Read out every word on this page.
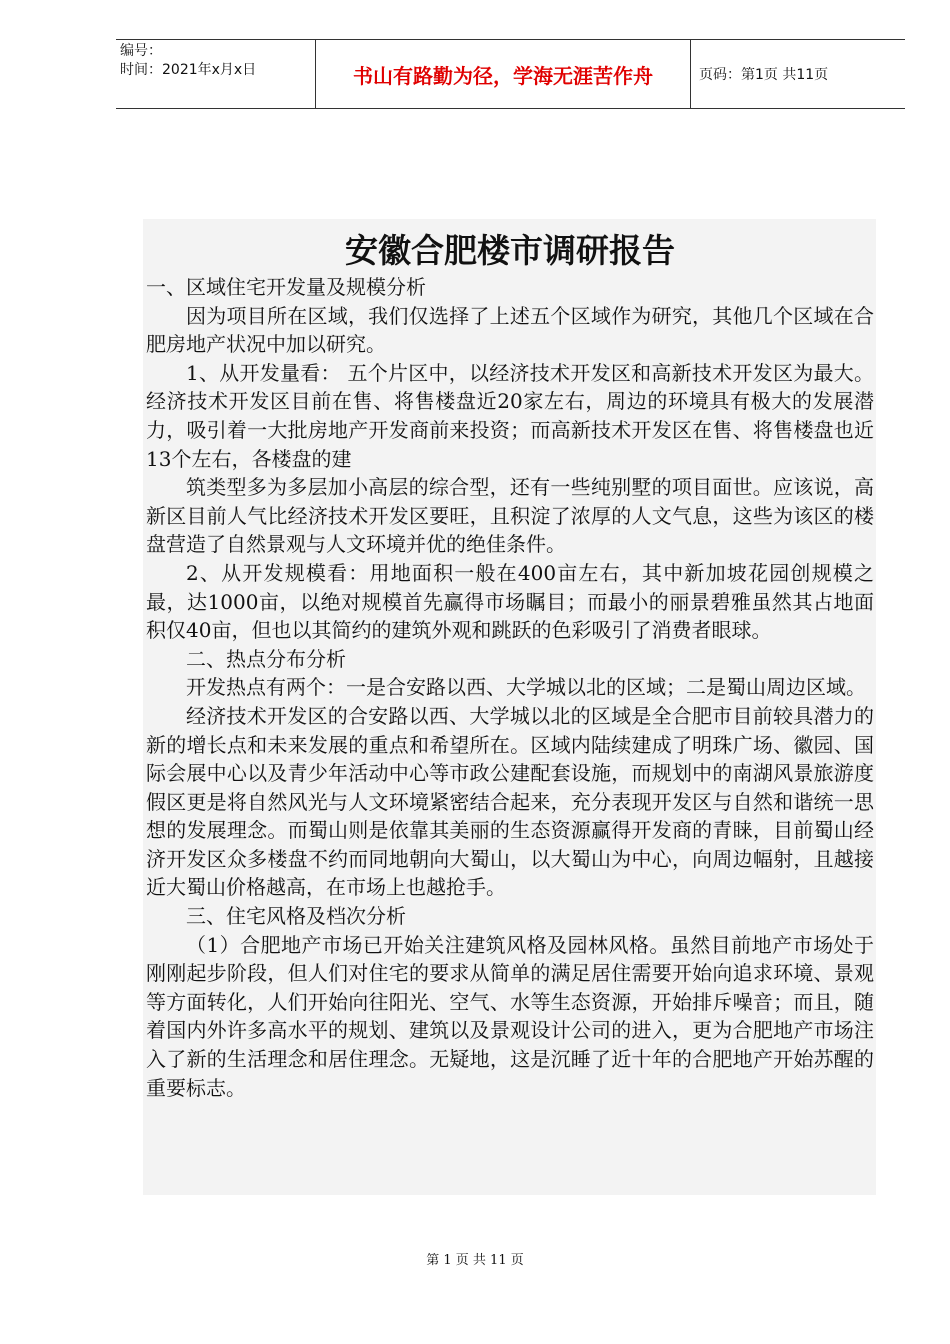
编号：
时间：2021年x月x日	书山有路勤为径，学海无涯苦作舟	页码：第1页 共11页
安徽合肥楼市调研报告

一、区域住宅开发量及规模分析

因为项目所在区域，我们仅选择了上述五个区域作为研究，其他几个区域在合肥房地产状况中加以研究。

1、从开发量看： 五个片区中，以经济技术开发区和高新技术开发区为最大。经济技术开发区目前在售、将售楼盘近20家左右，周边的环境具有极大的发展潜力，吸引着一大批房地产开发商前来投资；而高新技术开发区在售、将售楼盘也近13个左右，各楼盘的建

筑类型多为多层加小高层的综合型，还有一些纯别墅的项目面世。应该说，高新区目前人气比经济技术开发区要旺，且积淀了浓厚的人文气息，这些为该区的楼盘营造了自然景观与人文环境并优的绝佳条件。

2、从开发规模看：用地面积一般在400亩左右，其中新加坡花园创规模之最，达1000亩，以绝对规模首先赢得市场瞩目；而最小的丽景碧雅虽然其占地面积仅40亩，但也以其简约的建筑外观和跳跃的色彩吸引了消费者眼球。

二、热点分布分析

开发热点有两个：一是合安路以西、大学城以北的区域；二是蜀山周边区域。

经济技术开发区的合安路以西、大学城以北的区域是全合肥市目前较具潜力的新的增长点和未来发展的重点和希望所在。区域内陆续建成了明珠广场、徽园、国际会展中心以及青少年活动中心等市政公建配套设施，而规划中的南湖风景旅游度假区更是将自然风光与人文环境紧密结合起来，充分表现开发区与自然和谐统一思想的发展理念。而蜀山则是依靠其美丽的生态资源赢得开发商的青睐，目前蜀山经济开发区众多楼盘不约而同地朝向大蜀山，以大蜀山为中心，向周边幅射，且越接近大蜀山价格越高，在市场上也越抢手。

三、住宅风格及档次分析

（1）合肥地产市场已开始关注建筑风格及园林风格。虽然目前地产市场处于刚刚起步阶段，但人们对住宅的要求从简单的满足居住需要开始向追求环境、景观等方面转化，人们开始向往阳光、空气、水等生态资源，开始排斥噪音；而且，随着国内外许多高水平的规划、建筑以及景观设计公司的进入，更为合肥地产市场注入了新的生活理念和居住理念。无疑地，这是沉睡了近十年的合肥地产开始苏醒的重要标志。

第 1 页 共 11 页
